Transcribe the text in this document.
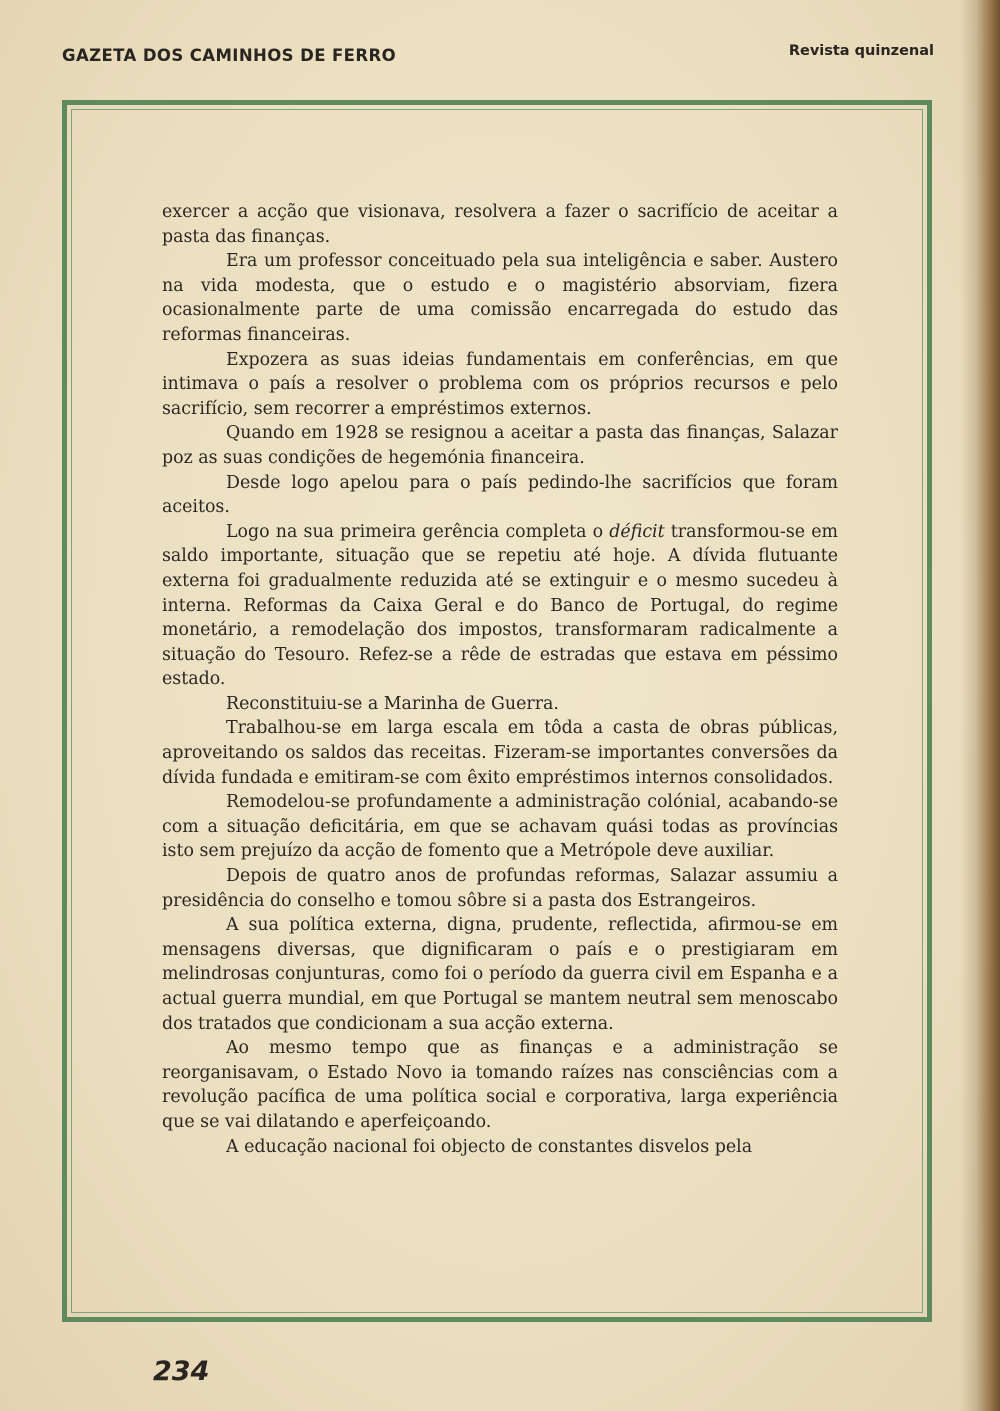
GAZETA DOS CAMINHOS DE FERRO	Revista quinzenal

exercer a acção que visionava, resolvera a fazer o sacrifício de aceitar a pasta das finanças.

Era um professor conceituado pela sua inteligência e saber. Austero na vida modesta, que o estudo e o magistério absorviam, fizera ocasionalmente parte de uma comissão encarregada do estudo das reformas financeiras.

Expozera as suas ideias fundamentais em conferências, em que intimava o país a resolver o problema com os próprios recursos e pelo sacrifício, sem recorrer a empréstimos externos.

Quando em 1928 se resignou a aceitar a pasta das finanças, Salazar poz as suas condições de hegemónia financeira.

Desde logo apelou para o país pedindo-lhe sacrifícios que foram aceitos.

Logo na sua primeira gerência completa o déficit transformou-se em saldo importante, situação que se repetiu até hoje. A dívida flutuante externa foi gradualmente reduzida até se extinguir e o mesmo sucedeu à interna. Reformas da Caixa Geral e do Banco de Portugal, do regime monetário, a remodelação dos impostos, transformaram radicalmente a situação do Tesouro. Refez-se a rêde de estradas que estava em péssimo estado.

Reconstituiu-se a Marinha de Guerra.

Trabalhou-se em larga escala em tôda a casta de obras públicas, aproveitando os saldos das receitas. Fizeram-se importantes conversões da dívida fundada e emitiram-se com êxito empréstimos internos consolidados.

Remodelou-se profundamente a administração colónial, acabando-se com a situação deficitária, em que se achavam quási todas as províncias isto sem prejuízo da acção de fomento que a Metrópole deve auxiliar.

Depois de quatro anos de profundas reformas, Salazar assumiu a presidência do conselho e tomou sôbre si a pasta dos Estrangeiros.

A sua política externa, digna, prudente, reflectida, afirmou-se em mensagens diversas, que dignificaram o país e o prestigiaram em melindrosas conjunturas, como foi o período da guerra civil em Espanha e a actual guerra mundial, em que Portugal se mantem neutral sem menoscabo dos tratados que condicionam a sua acção externa.

Ao mesmo tempo que as finanças e a administração se reorganisavam, o Estado Novo ia tomando raízes nas consciências com a revolução pacífica de uma política social e corporativa, larga experiência que se vai dilatando e aperfeiçoando.

A educação nacional foi objecto de constantes disvelos pela

234
